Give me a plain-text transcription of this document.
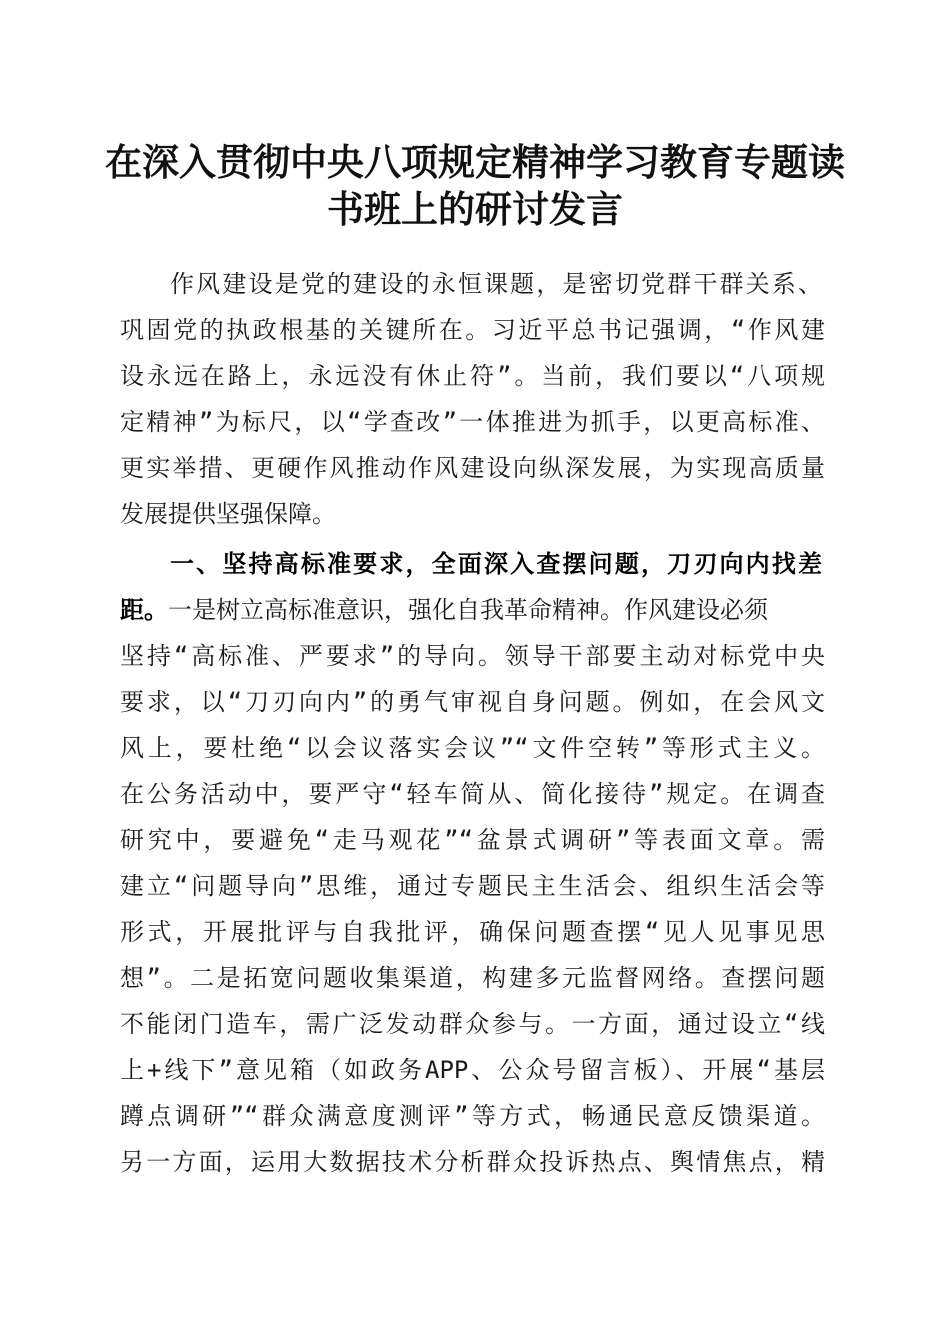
在深入贯彻中央八项规定精神学习教育专题读
书班上的研讨发言
作风建设是党的建设的永恒课题，是密切党群干群关系、
巩固党的执政根基的关键所在。习近平总书记强调，“作风建
设永远在路上，永远没有休止符”。当前，我们要以“八项规
定精神”为标尺，以“学查改”一体推进为抓手，以更高标准、
更实举措、更硬作风推动作风建设向纵深发展，为实现高质量
发展提供坚强保障。
一、坚持高标准要求，全面深入查摆问题，刀刃向内找差
距。一是树立高标准意识，强化自我革命精神。作风建设必须
坚持“高标准、严要求”的导向。领导干部要主动对标党中央
要求，以“刀刃向内”的勇气审视自身问题。例如，在会风文
风上，要杜绝“以会议落实会议”“文件空转”等形式主义。
在公务活动中，要严守“轻车简从、简化接待”规定。在调查
研究中，要避免“走马观花”“盆景式调研”等表面文章。需
建立“问题导向”思维，通过专题民主生活会、组织生活会等
形式，开展批评与自我批评，确保问题查摆“见人见事见思
想”。二是拓宽问题收集渠道，构建多元监督网络。查摆问题
不能闭门造车，需广泛发动群众参与。一方面，通过设立“线
上+线下”意见箱（如政务APP、公众号留言板）、开展“基层
蹲点调研”“群众满意度测评”等方式，畅通民意反馈渠道。
另一方面，运用大数据技术分析群众投诉热点、舆情焦点，精
